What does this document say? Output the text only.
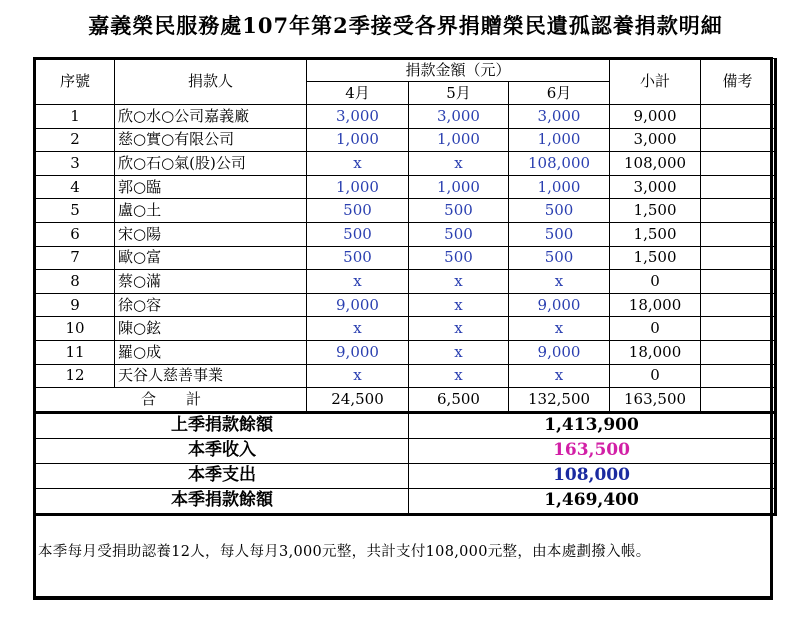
嘉義榮民服務處107年第2季接受各界捐贈榮民遺孤認養捐款明細
序號	捐款人	捐款金額（元）			小計	備考
		4月	5月	6月		
1	欣○水○公司嘉義廠	3,000	3,000	3,000	9,000	
2	慈○實○有限公司	1,000	1,000	1,000	3,000	
3	欣○石○氣(股)公司	x	x	108,000	108,000	
4	郭○臨	1,000	1,000	1,000	3,000	
5	盧○土	500	500	500	1,500	
6	宋○陽	500	500	500	1,500	
7	歐○富	500	500	500	1,500	
8	蔡○滿	x	x	x	0	
9	徐○容	9,000	x	9,000	18,000	
10	陳○鉉	x	x	x	0	
11	羅○成	9,000	x	9,000	18,000	
12	天谷人慈善事業	x	x	x	0	
合　　計		24,500	6,500	132,500	163,500	
上季捐款餘額			1,413,900			
本季收入			163,500			
本季支出			108,000			
本季捐款餘額			1,469,400			
本季每月受捐助認養12人，每人每月3,000元整，共計支付108,000元整，由本處劃撥入帳。
